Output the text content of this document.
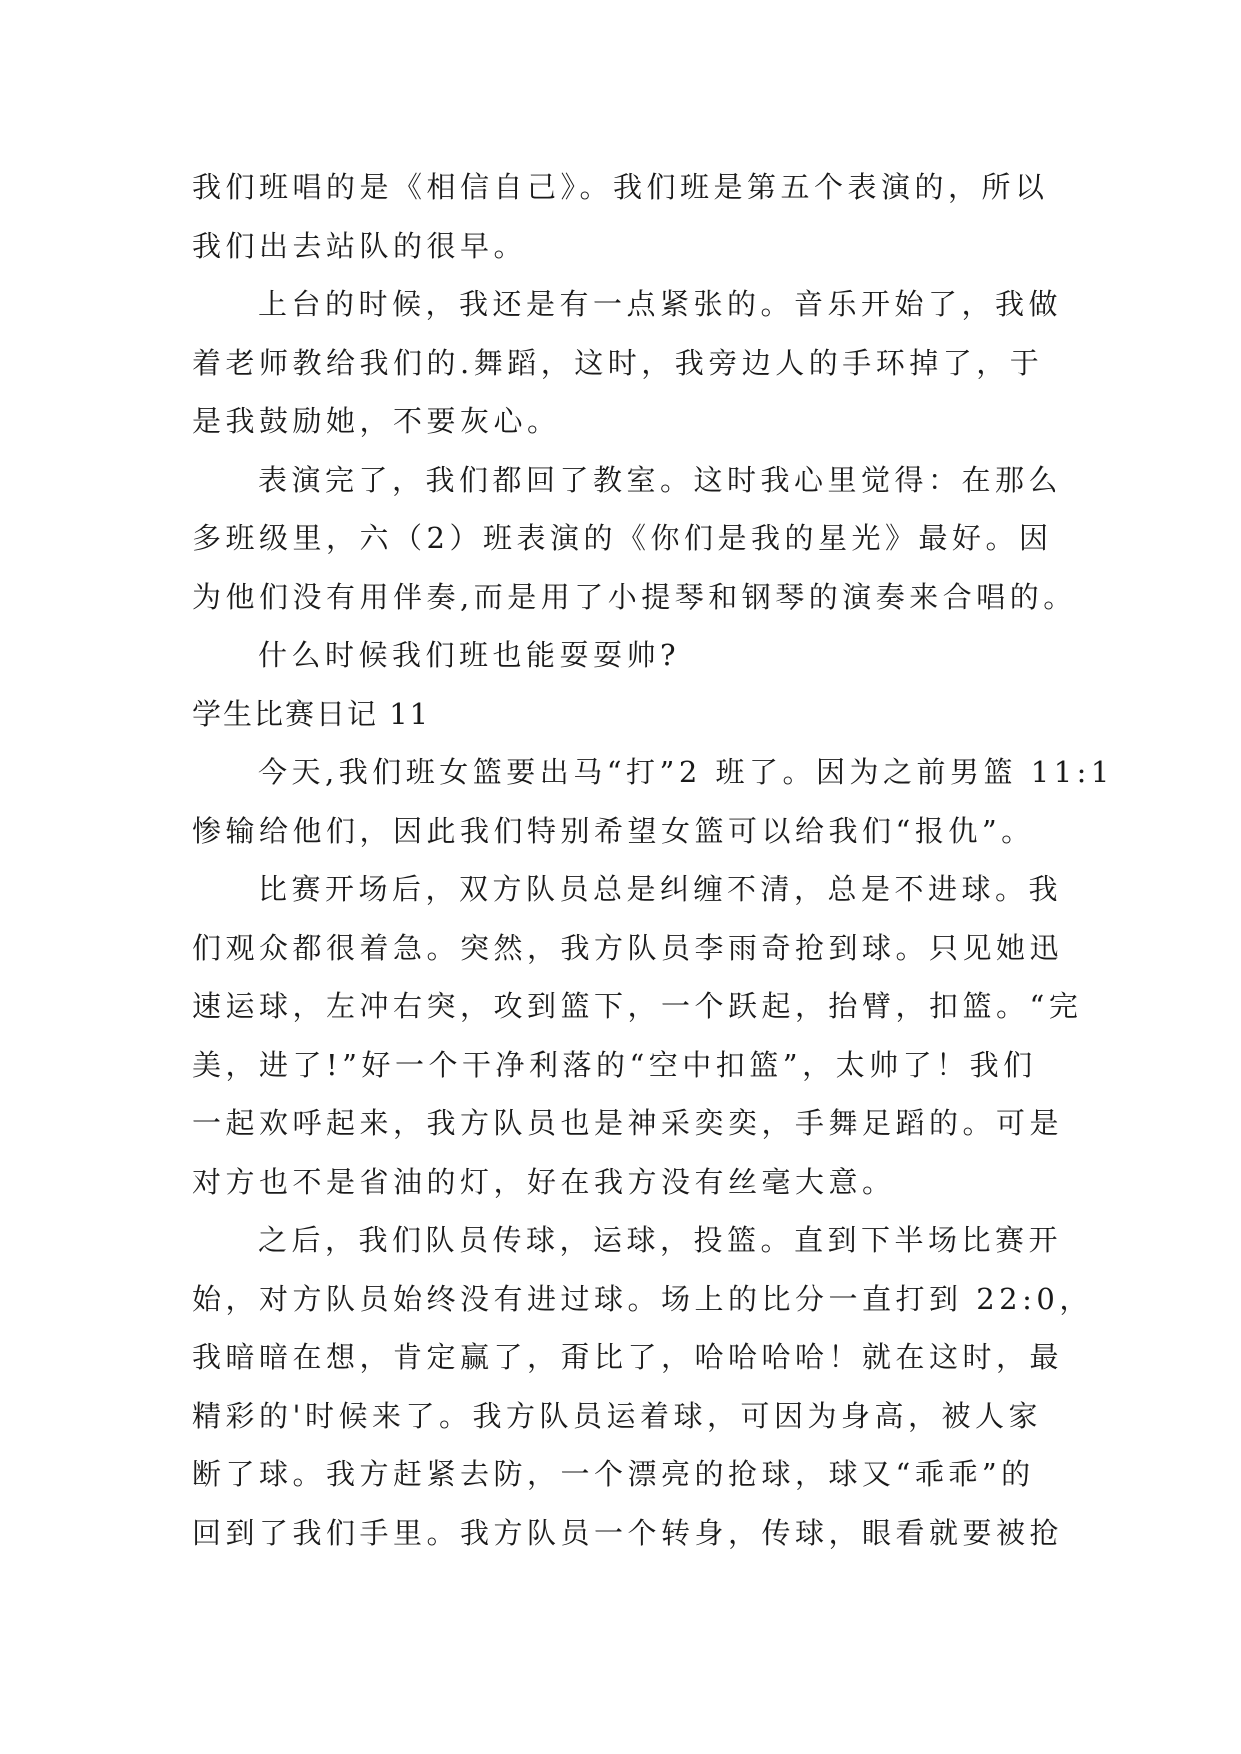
我们班唱的是《相信自己》。我们班是第五个表演的，所以
我们出去站队的很早。
上台的时候，我还是有一点紧张的。音乐开始了，我做
着老师教给我们的.舞蹈，这时，我旁边人的手环掉了，于
是我鼓励她，不要灰心。
表演完了，我们都回了教室。这时我心里觉得：在那么
多班级里，六（2）班表演的《你们是我的星光》最好。因
为他们没有用伴奏,而是用了小提琴和钢琴的演奏来合唱的。
什么时候我们班也能耍耍帅?
学生比赛日记 11
今天,我们班女篮要出马“打”2 班了。因为之前男篮 11:1
惨输给他们，因此我们特别希望女篮可以给我们“报仇”。
比赛开场后，双方队员总是纠缠不清，总是不进球。我
们观众都很着急。突然，我方队员李雨奇抢到球。只见她迅
速运球，左冲右突，攻到篮下，一个跃起，抬臂，扣篮。“完
美，进了!”好一个干净利落的“空中扣篮”，太帅了！我们
一起欢呼起来，我方队员也是神采奕奕，手舞足蹈的。可是
对方也不是省油的灯，好在我方没有丝毫大意。
之后，我们队员传球，运球，投篮。直到下半场比赛开
始，对方队员始终没有进过球。场上的比分一直打到 22:0，
我暗暗在想，肯定赢了，甭比了，哈哈哈哈！就在这时，最
精彩的'时候来了。我方队员运着球，可因为身高，被人家
断了球。我方赶紧去防，一个漂亮的抢球，球又“乖乖”的
回到了我们手里。我方队员一个转身，传球，眼看就要被抢
